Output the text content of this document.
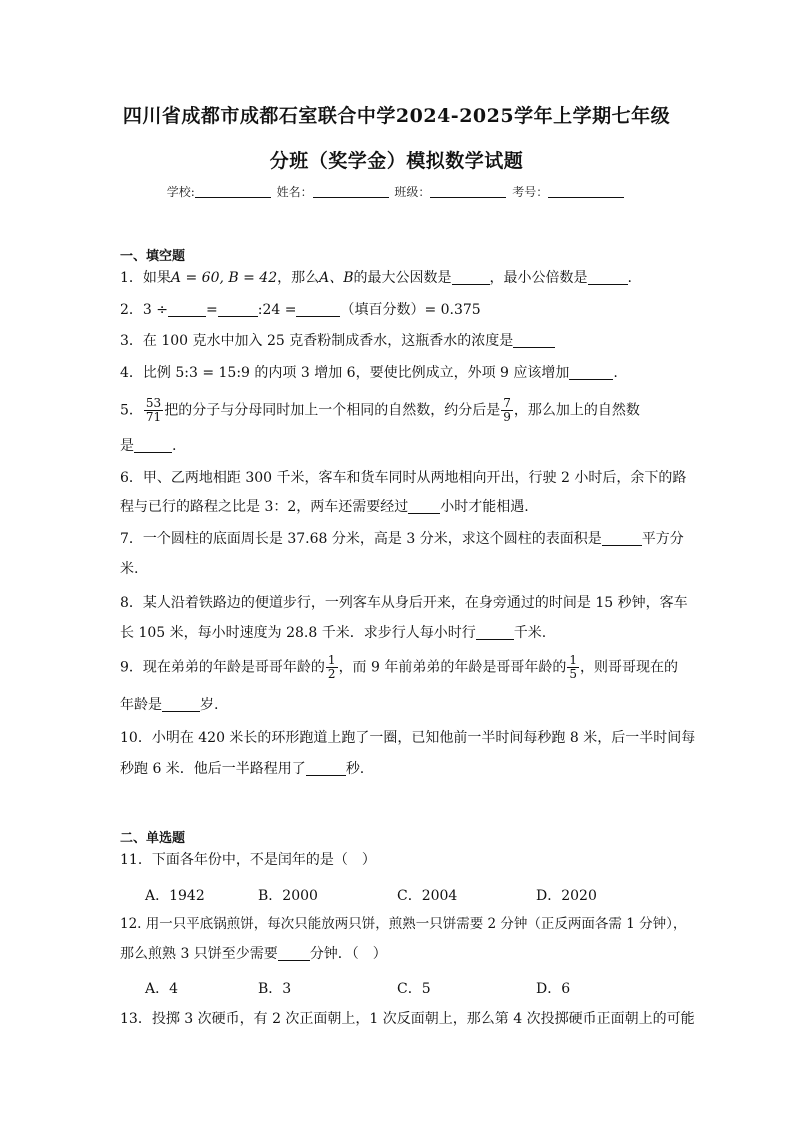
四川省成都市成都石室联合中学2024-2025学年上学期七年级
分班（奖学金）模拟数学试题
学校:	姓名：	班级：	考号：
一、填空题
1．如果A = 60, B = 42，那么A、B的最大公因数是	，最小公倍数是	.
2．3 ÷	=	:24 =	（填百分数）= 0.375
3．在 100 克水中加入 25 克香粉制成香水，这瓶香水的浓度是
4．比例 5:3 = 15:9 的内项 3 增加 6，要使比例成立，外项 9 应该增加	.
5． $\frac{53}{71}$ 把的分子与分母同时加上一个相同的自然数，约分后是 $\frac{7}{9}$ ，那么加上的自然数
是	.
6．甲、乙两地相距 300 千米，客车和货车同时从两地相向开出，行驶 2 小时后，余下的路
程与已行的路程之比是 3：2，两车还需要经过 小时才能相遇.
7．一个圆柱的底面周长是 37.68 分米，高是 3 分米，求这个圆柱的表面积是	平方分
米.
8．某人沿着铁路边的便道步行，一列客车从身后开来，在身旁通过的时间是 15 秒钟，客车
长 105 米，每小时速度为 28.8 千米．求步行人每小时行	千米.
9．现在弟弟的年龄是哥哥年龄的 $\frac{1}{2}$ ，而 9 年前弟弟的年龄是哥哥年龄的 $\frac{1}{5}$ ，则哥哥现在的
年龄是	岁.
10．小明在 420 米长的环形跑道上跑了一圈，已知他前一半时间每秒跑 8 米，后一半时间每
秒跑 6 米．他后一半路程用了	秒.
二、单选题
11．下面各年份中，不是闰年的是（　）
A．1942	B．2000	C．2004	D．2020
12. 用一只平底锅煎饼，每次只能放两只饼，煎熟一只饼需要 2 分钟（正反两面各需 1 分钟），
那么煎熟 3 只饼至少需要 分钟．（　）
A．4	B．3	C．5	D．6
13．投掷 3 次硬币，有 2 次正面朝上，1 次反面朝上，那么第 4 次投掷硬币正面朝上的可能
